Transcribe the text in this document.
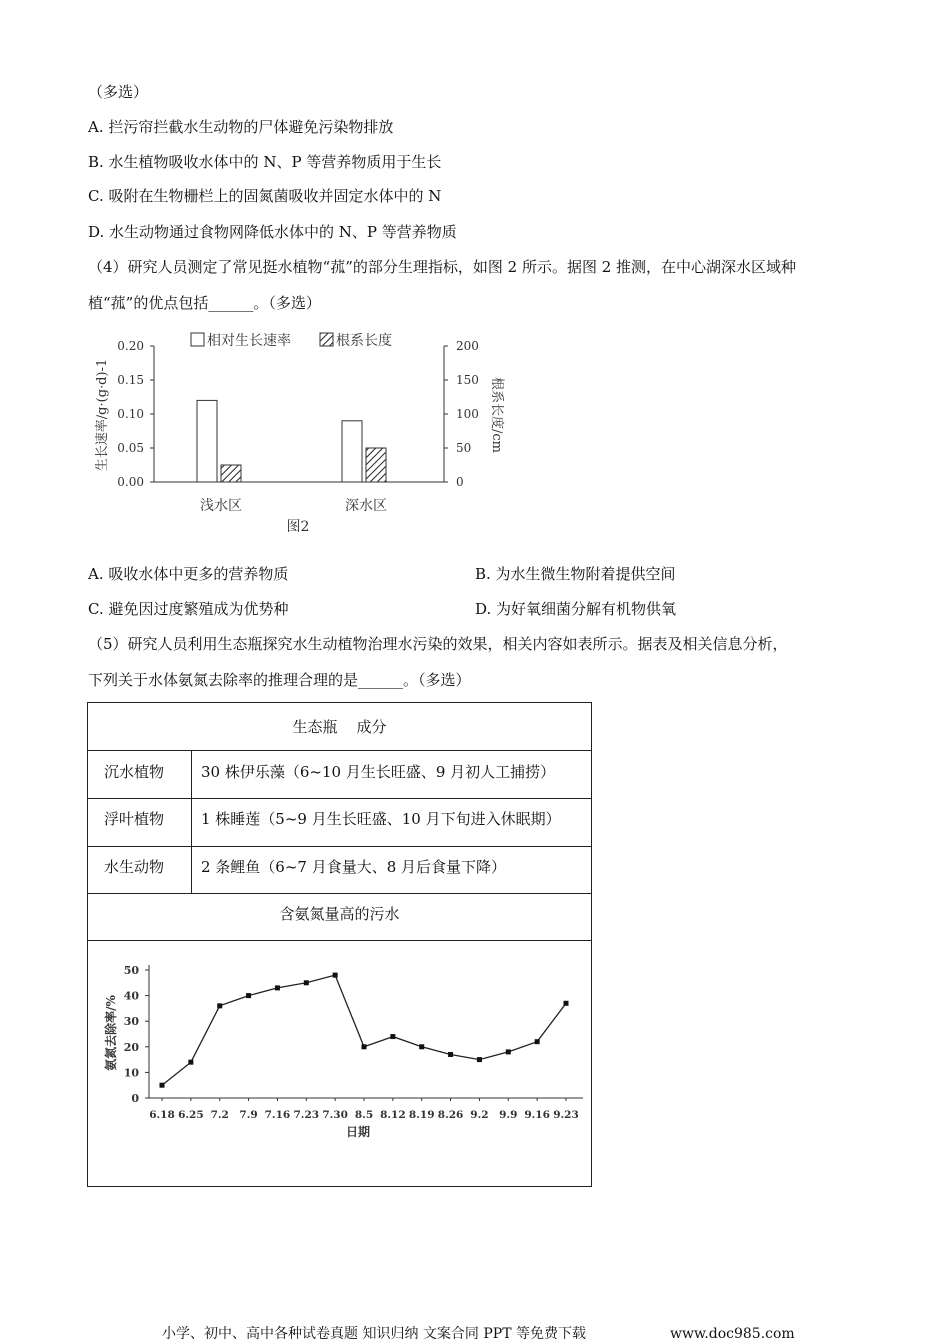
（多选）
A. 拦污帘拦截水生动物的尸体避免污染物排放
B. 水生植物吸收水体中的 N、P 等营养物质用于生长
C. 吸附在生物栅栏上的固氮菌吸收并固定水体中的 N
D. 水生动物通过食物网降低水体中的 N、P 等营养物质
（4）研究人员测定了常见挺水植物“菰”的部分生理指标，如图 2 所示。据图 2 推测，在中心湖深水区域种
植“菰”的优点包括______。（多选）
0.00
0.05
0.10
0.15
0.20
0
50
100
150
200
浅水区	深水区
相对生长速率	根系长度
生长速率/g·(g·d)-1	根系长度/cm
图2
A. 吸收水体中更多的营养物质	B. 为水生微生物附着提供空间
C. 避免因过度繁殖成为优势种	D. 为好氧细菌分解有机物供氧
（5）研究人员利用生态瓶探究水生动植物治理水污染的效果，相关内容如表所示。据表及相关信息分析，
下列关于水体氨氮去除率的推理合理的是______。（多选）
生态瓶    成分
沉水植物 30 株伊乐藻（6~10 月生长旺盛、9 月初人工捕捞）
浮叶植物 1 株睡莲（5~9 月生长旺盛、10 月下旬进入休眠期）
水生动物 2 条鲤鱼（6~7 月食量大、8 月后食量下降）
含氨氮量高的污水
0
10
20
30
40
50
6.18 6.25 7.2 7.9 7.16 7.23 7.30 8.5 8.12 8.19 8.26 9.2 9.9 9.16 9.23
日期
氨氮去除率/%
小学、初中、高中各种试卷真题 知识归纳 文案合同 PPT 等免费下载	www.doc985.com
